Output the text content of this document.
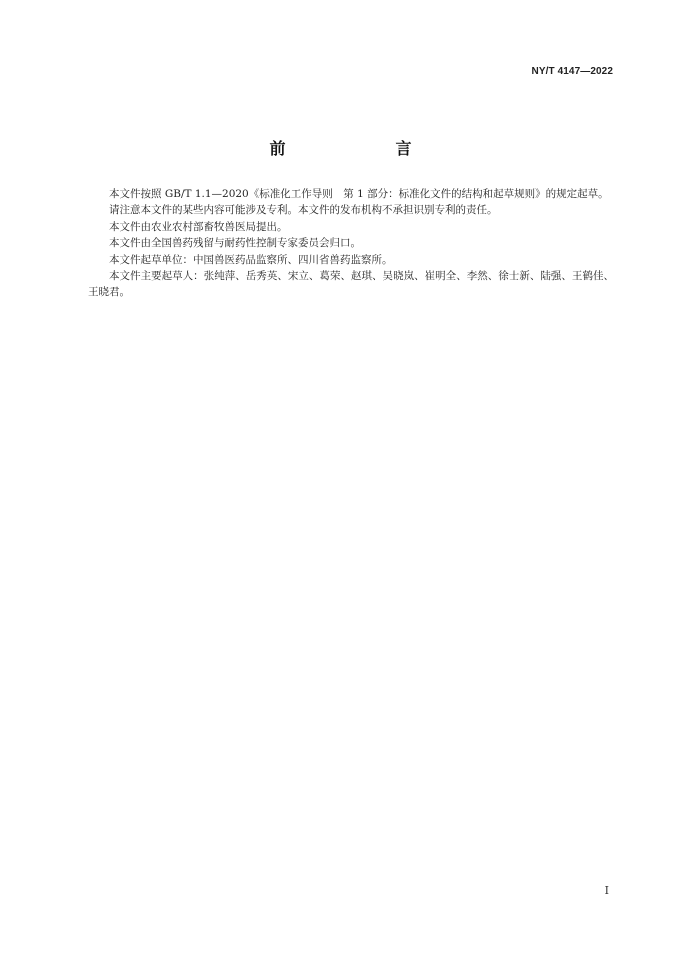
NY/T 4147—2022
前　　言

本文件按照 GB/T 1.1—2020《标准化工作导则　第 1 部分：标准化文件的结构和起草规则》的规定起草。

请注意本文件的某些内容可能涉及专利。本文件的发布机构不承担识别专利的责任。

本文件由农业农村部畜牧兽医局提出。

本文件由全国兽药残留与耐药性控制专家委员会归口。

本文件起草单位：中国兽医药品监察所、四川省兽药监察所。

本文件主要起草人：张纯萍、岳秀英、宋立、葛荣、赵琪、吴晓岚、崔明全、李然、徐士新、陆强、王鹤佳、王晓君。

I
